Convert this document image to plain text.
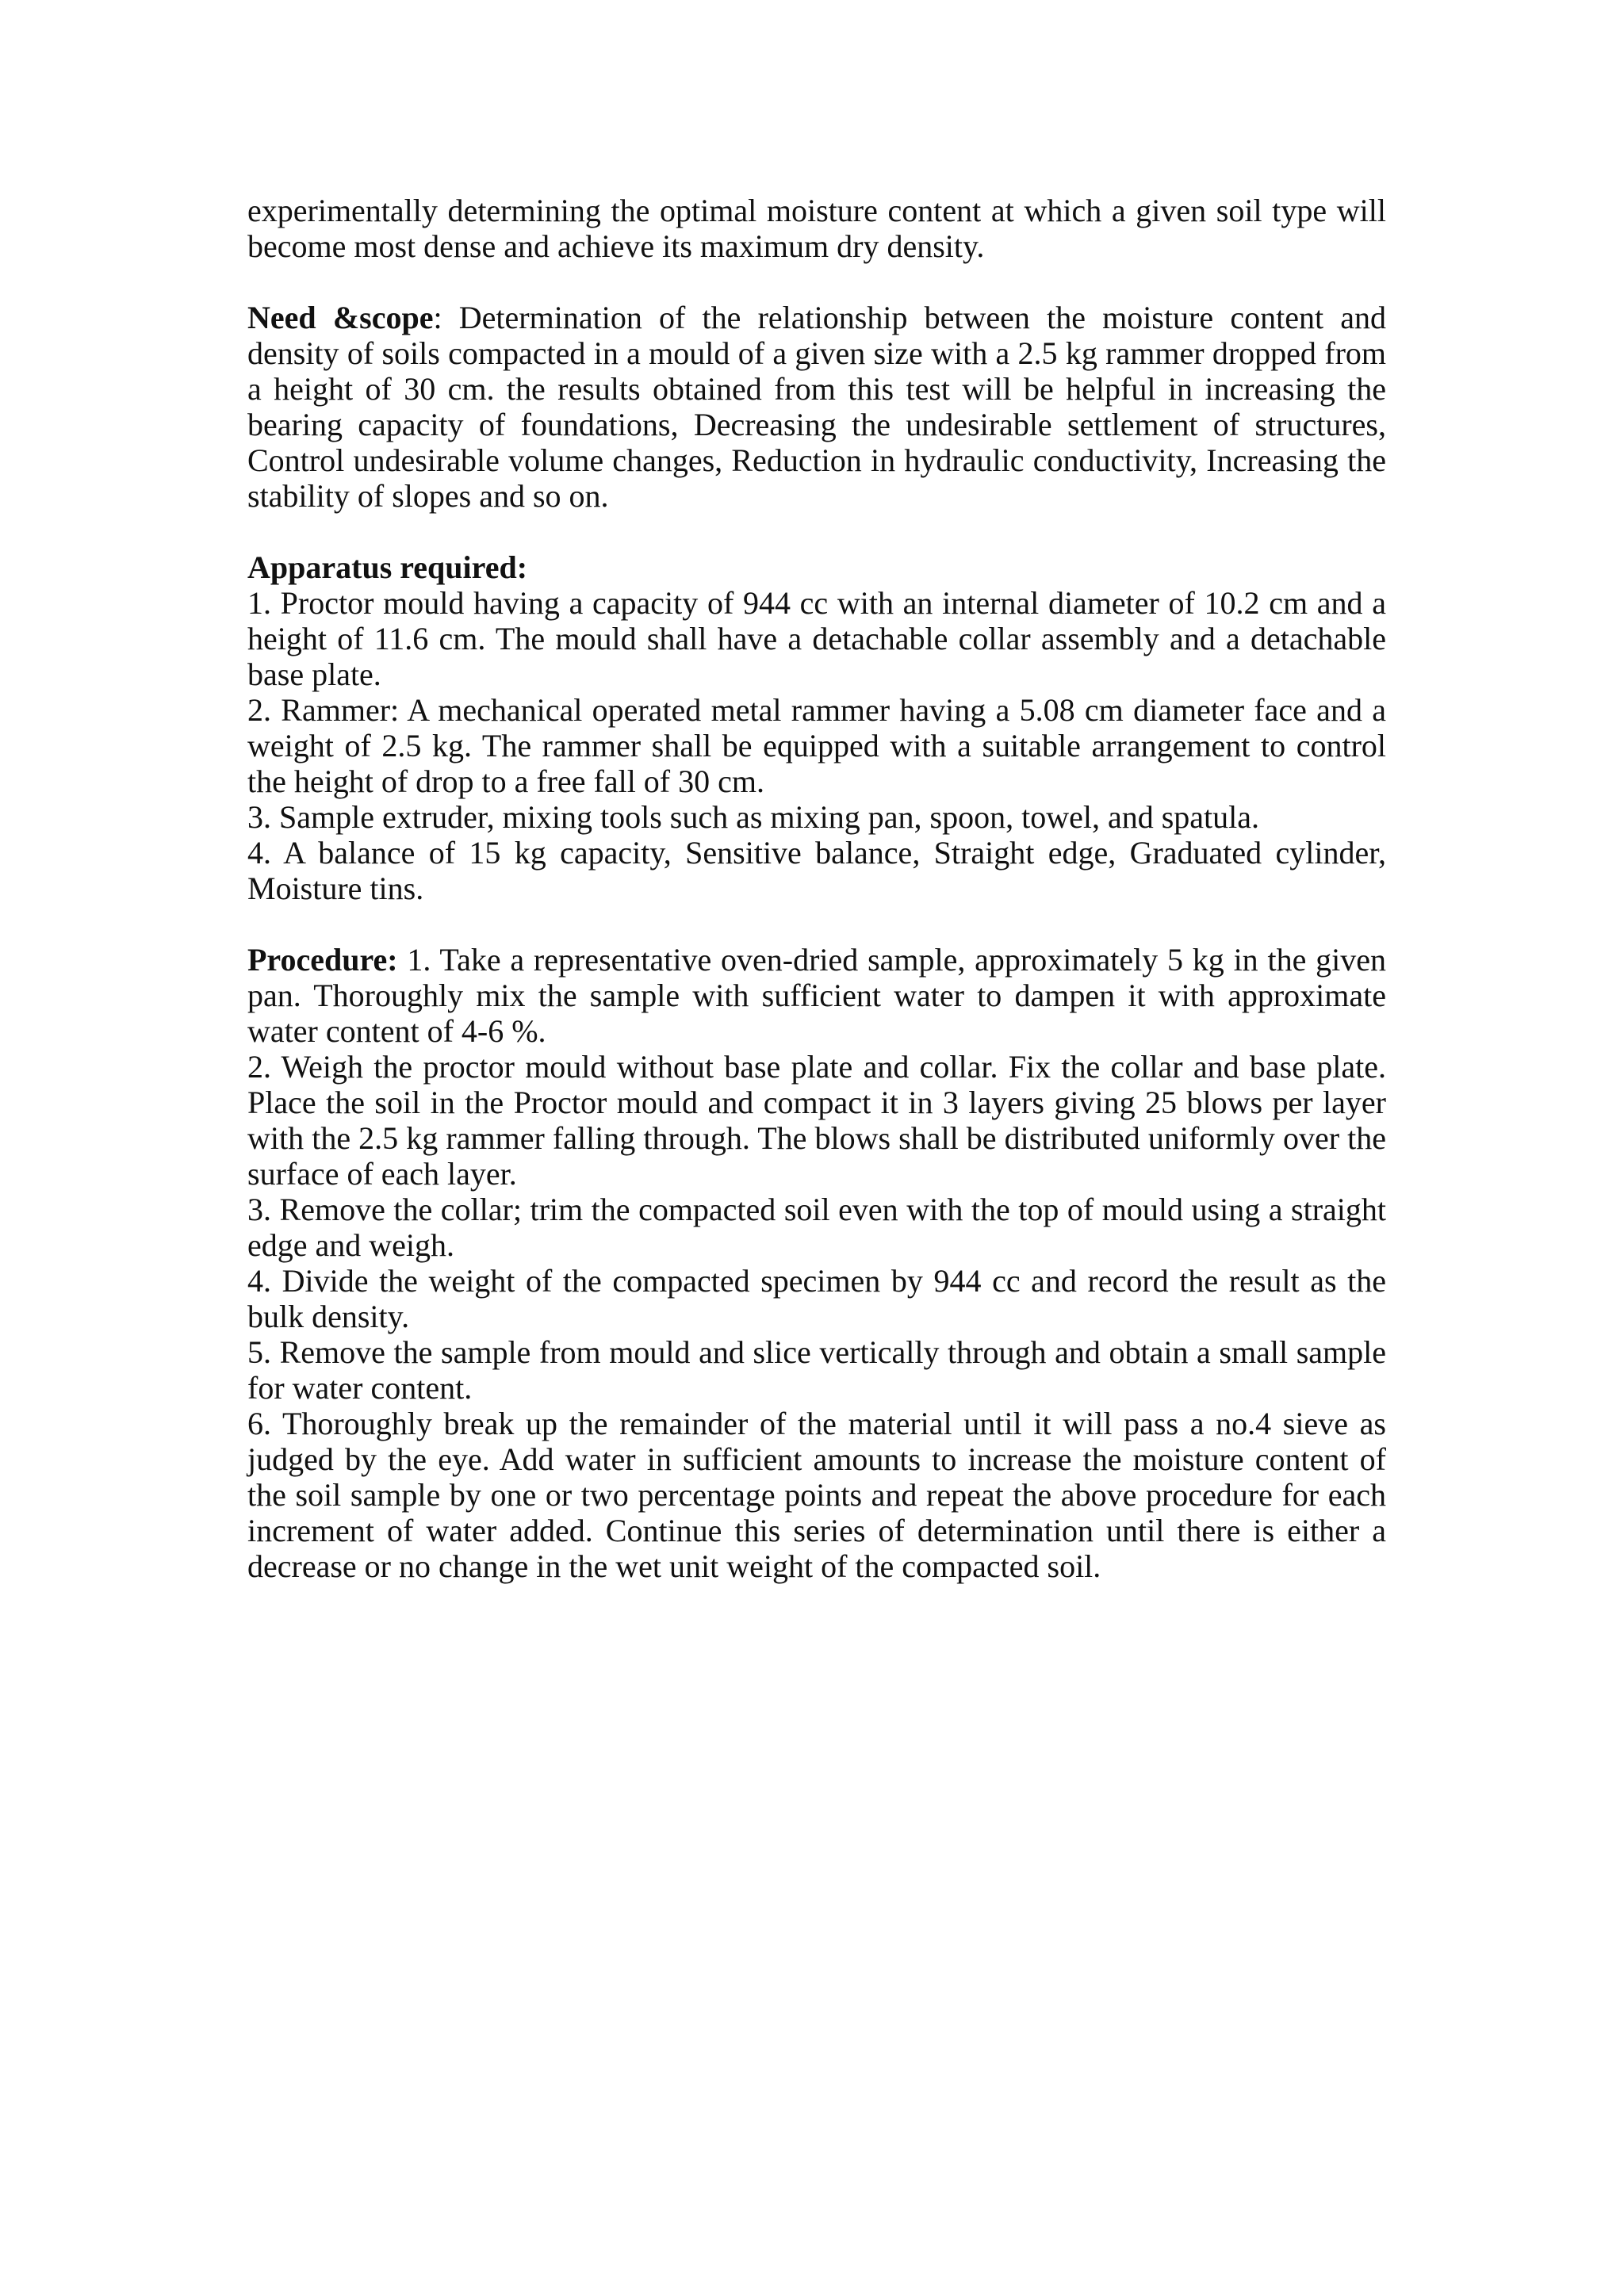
experimentally determining the optimal moisture content at which a given soil type will become most dense and achieve its maximum dry density.

Need &scope: Determination of the relationship between the moisture content and density of soils compacted in a mould of a given size with a 2.5 kg rammer dropped from a height of 30 cm. the results obtained from this test will be helpful in increasing the bearing capacity of foundations, Decreasing the undesirable settlement of structures, Control undesirable volume changes, Reduction in hydraulic conductivity, Increasing the stability of slopes and so on.

Apparatus required:

1. Proctor mould having a capacity of 944 cc with an internal diameter of 10.2 cm and a height of 11.6 cm. The mould shall have a detachable collar assembly and a detachable base plate.

2. Rammer: A mechanical operated metal rammer having a 5.08 cm diameter face and a weight of 2.5 kg. The rammer shall be equipped with a suitable arrangement to control the height of drop to a free fall of 30 cm.

3. Sample extruder, mixing tools such as mixing pan, spoon, towel, and spatula.

4. A balance of 15 kg capacity, Sensitive balance, Straight edge, Graduated cylinder, Moisture tins.

Procedure: 1. Take a representative oven-dried sample, approximately 5 kg in the given pan. Thoroughly mix the sample with sufficient water to dampen it with approximate water content of 4-6 %.

2. Weigh the proctor mould without base plate and collar. Fix the collar and base plate. Place the soil in the Proctor mould and compact it in 3 layers giving 25 blows per layer with the 2.5 kg rammer falling through. The blows shall be distributed uniformly over the surface of each layer.

3. Remove the collar; trim the compacted soil even with the top of mould using a straight edge and weigh.

4. Divide the weight of the compacted specimen by 944 cc and record the result as the bulk density.

5. Remove the sample from mould and slice vertically through and obtain a small sample for water content.

6. Thoroughly break up the remainder of the material until it will pass a no.4 sieve as judged by the eye. Add water in sufficient amounts to increase the moisture content of the soil sample by one or two percentage points and repeat the above procedure for each increment of water added. Continue this series of determination until there is either a decrease or no change in the wet unit weight of the compacted soil.
